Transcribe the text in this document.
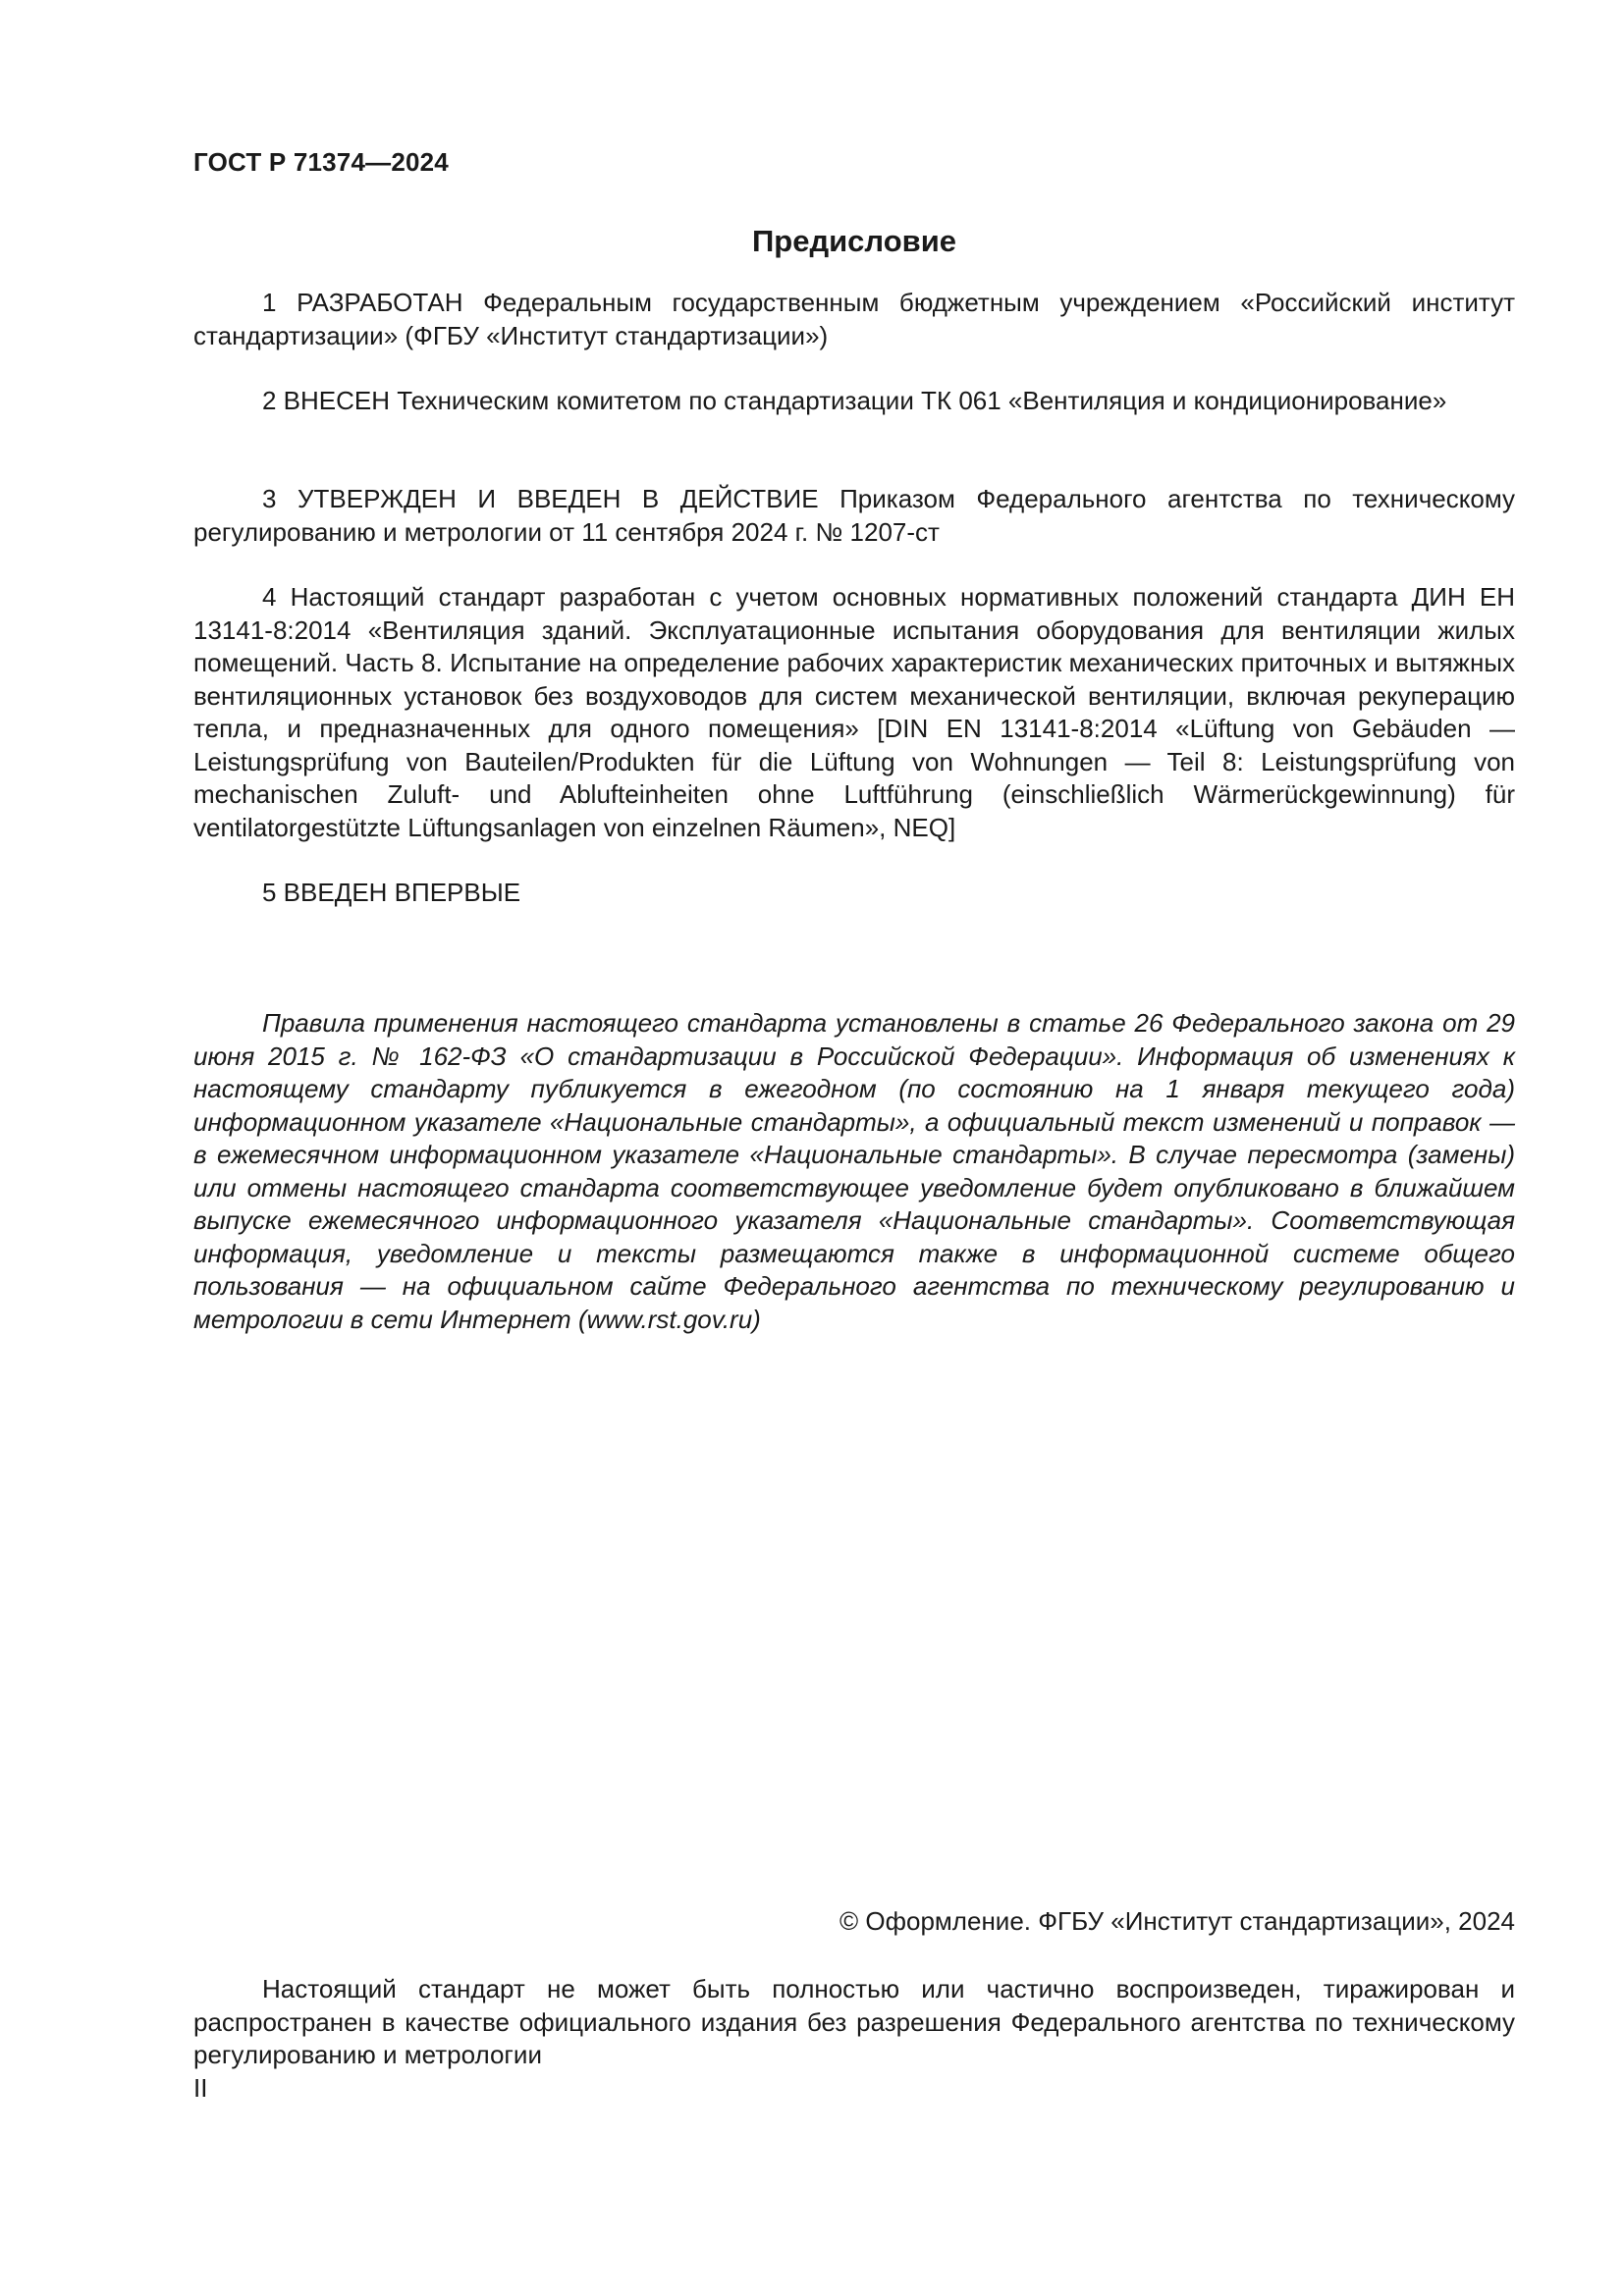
ГОСТ Р 71374—2024
Предисловие

1 РАЗРАБОТАН Федеральным государственным бюджетным учреждением «Российский институт стандартизации» (ФГБУ «Институт стандартизации»)

2 ВНЕСЕН Техническим комитетом по стандартизации ТК 061 «Вентиляция и кондиционирование»

3 УТВЕРЖДЕН И ВВЕДЕН В ДЕЙСТВИЕ Приказом Федерального агентства по техническому регулированию и метрологии от 11 сентября 2024 г. № 1207-ст

4 Настоящий стандарт разработан с учетом основных нормативных положений стандарта ДИН ЕН 13141-8:2014 «Вентиляция зданий. Эксплуатационные испытания оборудования для вентиляции жилых помещений. Часть 8. Испытание на определение рабочих характеристик механических приточных и вытяжных вентиляционных установок без воздуховодов для систем механической вентиляции, включая рекуперацию тепла, и предназначенных для одного помещения» [DIN EN 13141-8:2014 «Lüftung von Gebäuden — Leistungsprüfung von Bauteilen/Produkten für die Lüftung von Wohnungen — Teil 8: Leistungsprüfung von mechanischen Zuluft- und Ablufteinheiten ohne Luftführung (einschließlich Wärmerückgewinnung) für ventilatorgestützte Lüftungsanlagen von einzelnen Räumen», NEQ]

5 ВВЕДЕН ВПЕРВЫЕ

Правила применения настоящего стандарта установлены в статье 26 Федерального закона от 29 июня 2015 г. № 162-ФЗ «О стандартизации в Российской Федерации». Информация об изменениях к настоящему стандарту публикуется в ежегодном (по состоянию на 1 января текущего года) информационном указателе «Национальные стандарты», а официальный текст изменений и поправок — в ежемесячном информационном указателе «Национальные стандарты». В случае пересмотра (замены) или отмены настоящего стандарта соответствующее уведомление будет опубликовано в ближайшем выпуске ежемесячного информационного указателя «Национальные стандарты». Соответствующая информация, уведомление и тексты размещаются также в информационной системе общего пользования — на официальном сайте Федерального агентства по техническому регулированию и метрологии в сети Интернет (www.rst.gov.ru)

© Оформление. ФГБУ «Институт стандартизации», 2024

Настоящий стандарт не может быть полностью или частично воспроизведен, тиражирован и распространен в качестве официального издания без разрешения Федерального агентства по техническому регулированию и метрологии

II
